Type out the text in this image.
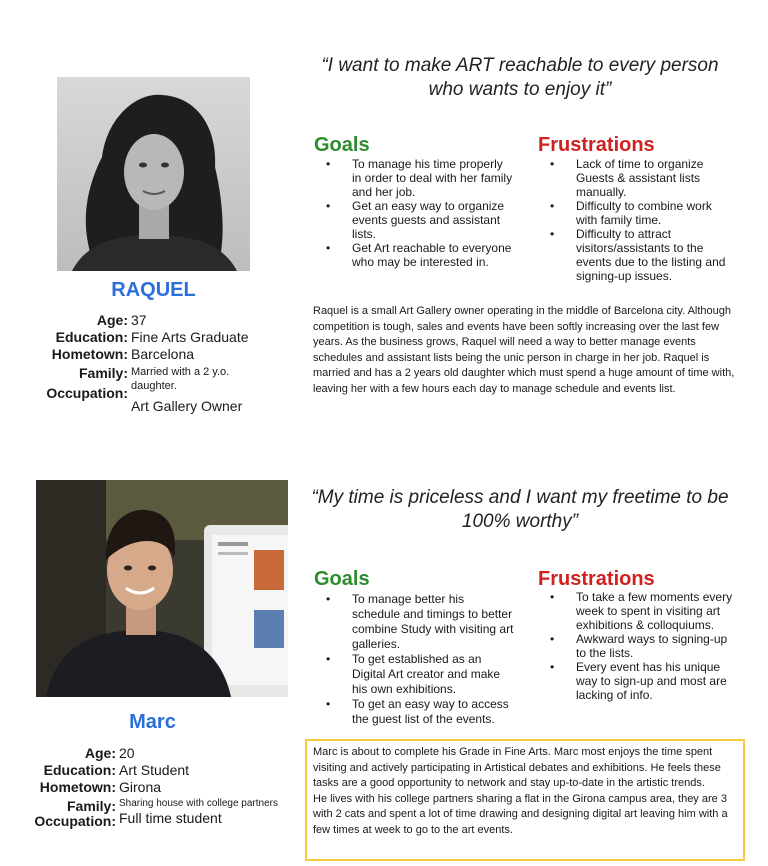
RAQUEL
Age: 37
Education: Fine Arts Graduate
Hometown: Barcelona
Family: Married with a 2 y.o. daughter.
Occupation:
Art Gallery Owner
“I want to make ART reachable to every person who wants to enjoy it”
Goals
• To manage his time properly in order to deal with her family and her job.
• Get an easy way to organize events guests and assistant lists.
• Get Art reachable to everyone who may be interested in.
Frustrations
• Lack of time to organize Guests & assistant lists manually.
• Difficulty to combine work with family time.
• Difficulty to attract visitors/assistants to the events due to the listing and signing-up issues.

Raquel is a small Art Gallery owner operating in the middle of Barcelona city. Although competition is tough, sales and events have been softly increasing over the last few years. As the business grows, Raquel will need a way to better manage events schedules and assistant lists being the unic person in charge in her job. Raquel is married and has a 2 years old daughter which must spend a huge amount of time with, leaving her with a few hours each day to manage schedule and events list.

Marc
Age: 20
Education: Art Student
Hometown: Girona
Family: Sharing house with college partners
Occupation: Full time student
“My time is priceless and I want my freetime to be 100% worthy”
Goals
• To manage better his schedule and timings to better combine Study with visiting art galleries.
• To get established as an Digital Art creator and make his own exhibitions.
• To get an easy way to access the guest list of the events.
Frustrations
• To take a few moments every week to spent in visiting art exhibitions & colloquiums.
• Awkward ways to signing-up to the lists.
• Every event has his unique way to sign-up and most are lacking of info.

Marc is about to complete his Grade in Fine Arts. Marc most enjoys the time spent visiting and actively participating in Artistical debates and exhibitions. He feels these tasks are a good opportunity to network and stay up-to-date in the artistic trends.

He lives with his college partners sharing a flat in the Girona campus area, they are 3 with 2 cats and spent a lot of time drawing and designing digital art leaving him with a few times at week to go to the art events.
